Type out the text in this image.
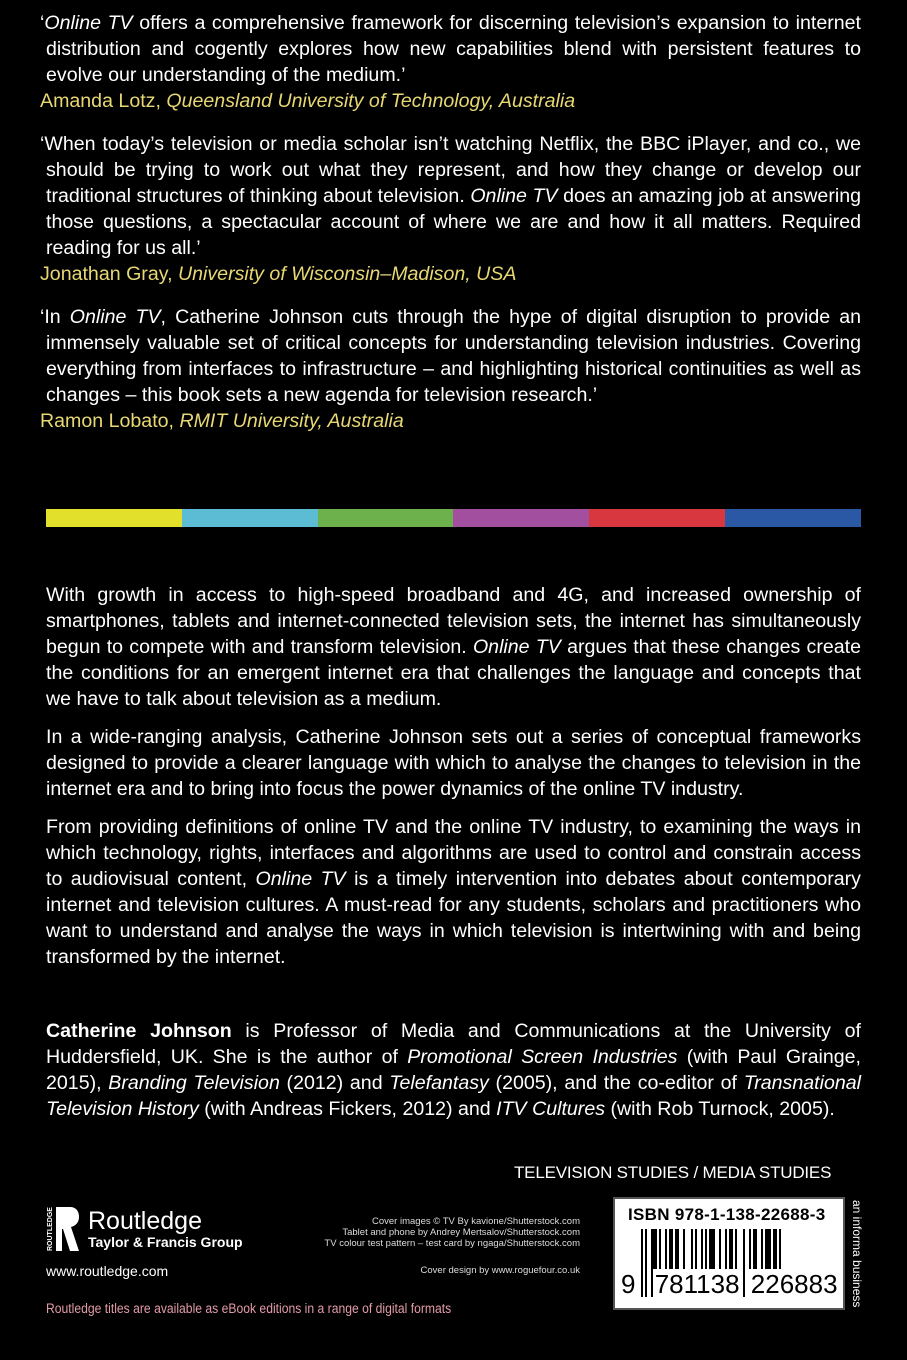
‘Online TV offers a comprehensive framework for discerning television’s expansion to internet distribution and cogently explores how new capabilities blend with persistent features to evolve our understanding of the medium.’

Amanda Lotz, Queensland University of Technology, Australia

‘When today’s television or media scholar isn’t watching Netflix, the BBC iPlayer, and co., we should be trying to work out what they represent, and how they change or develop our traditional structures of thinking about television. Online TV does an amazing job at answering those questions, a spectacular account of where we are and how it all matters. Required reading for us all.’

Jonathan Gray, University of Wisconsin–Madison, USA

‘In Online TV, Catherine Johnson cuts through the hype of digital disruption to provide an immensely valuable set of critical concepts for understanding television industries. Covering everything from interfaces to infrastructure – and highlighting historical continuities as well as changes – this book sets a new agenda for television research.’

Ramon Lobato, RMIT University, Australia

With growth in access to high-speed broadband and 4G, and increased ownership of smartphones, tablets and internet-connected television sets, the internet has simultaneously begun to compete with and transform television. Online TV argues that these changes create the conditions for an emergent internet era that challenges the language and concepts that we have to talk about television as a medium.

In a wide-ranging analysis, Catherine Johnson sets out a series of conceptual frameworks designed to provide a clearer language with which to analyse the changes to television in the internet era and to bring into focus the power dynamics of the online TV industry.

From providing definitions of online TV and the online TV industry, to examining the ways in which technology, rights, interfaces and algorithms are used to control and constrain access to audiovisual content, Online TV is a timely intervention into debates about contemporary internet and television cultures. A must-read for any students, scholars and practitioners who want to understand and analyse the ways in which television is intertwining with and being transformed by the internet.

Catherine Johnson is Professor of Media and Communications at the University of Huddersfield, UK. She is the author of Promotional Screen Industries (with Paul Grainge, 2015), Branding Television (2012) and Telefantasy (2005), and the co-editor of Transnational Television History (with Andreas Fickers, 2012) and ITV Cultures (with Rob Turnock, 2005).
TELEVISION STUDIES / MEDIA STUDIES
ROUTLEDGE Routledge
Taylor & Francis Group
www.routledge.com
Cover images © TV By kavione/Shutterstock.com
Tablet and phone by Andrey Mertsalov/Shutterstock.com
TV colour test pattern – test card by ngaga/Shutterstock.com
Cover design by www.roguefour.co.uk
Routledge titles are available as eBook editions in a range of digital formats
ISBN 978-1-138-22688-3
9 781138 226883 an informa business
